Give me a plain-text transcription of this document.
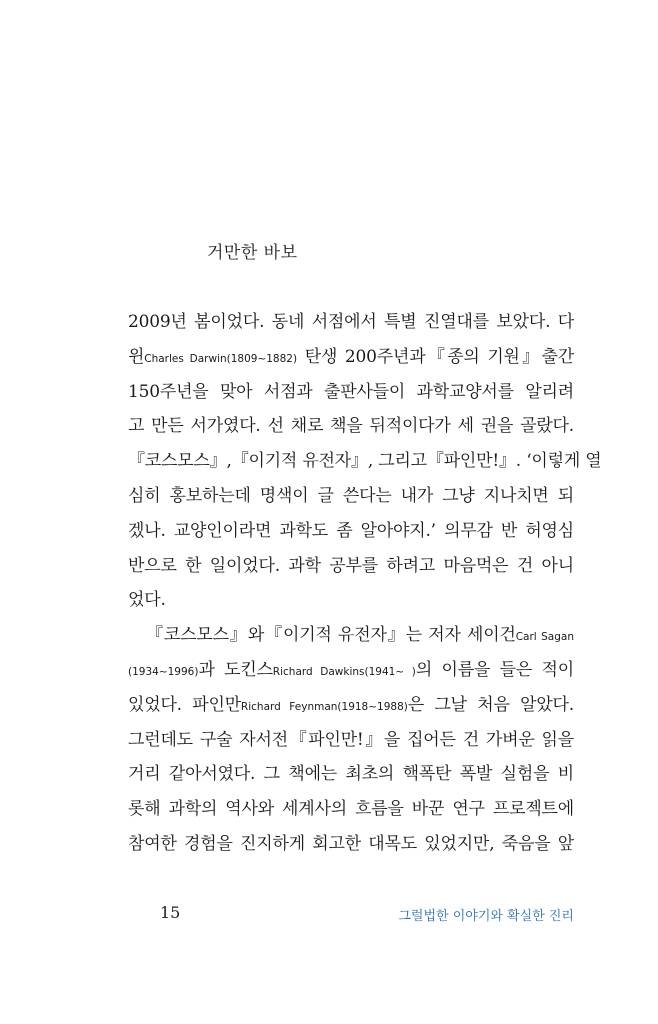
거만한 바보
2009년 봄이었다. 동네 서점에서 특별 진열대를 보았다. 다
윈Charles Darwin(1809~1882) 탄생 200주년과『종의 기원』출간
150주년을 맞아 서점과 출판사들이 과학교양서를 알리려
고 만든 서가였다. 선 채로 책을 뒤적이다가 세 권을 골랐다.
『코스모스』,『이기적 유전자』, 그리고『파인만!』. ‘이렇게 열
심히 홍보하는데 명색이 글 쓴다는 내가 그냥 지나치면 되
겠나. 교양인이라면 과학도 좀 알아야지.’ 의무감 반 허영심
반으로 한 일이었다. 과학 공부를 하려고 마음먹은 건 아니
었다.
『코스모스』와『이기적 유전자』는 저자 세이건Carl Sagan
(1934~1996)과 도킨스Richard Dawkins(1941~ )의 이름을 들은 적이
있었다. 파인만Richard Feynman(1918~1988)은 그날 처음 알았다.
그런데도 구술 자서전『파인만!』을 집어든 건 가벼운 읽을
거리 같아서였다. 그 책에는 최초의 핵폭탄 폭발 실험을 비
롯해 과학의 역사와 세계사의 흐름을 바꾼 연구 프로젝트에
참여한 경험을 진지하게 회고한 대목도 있었지만, 죽음을 앞
15	그럴법한 이야기와 확실한 진리
